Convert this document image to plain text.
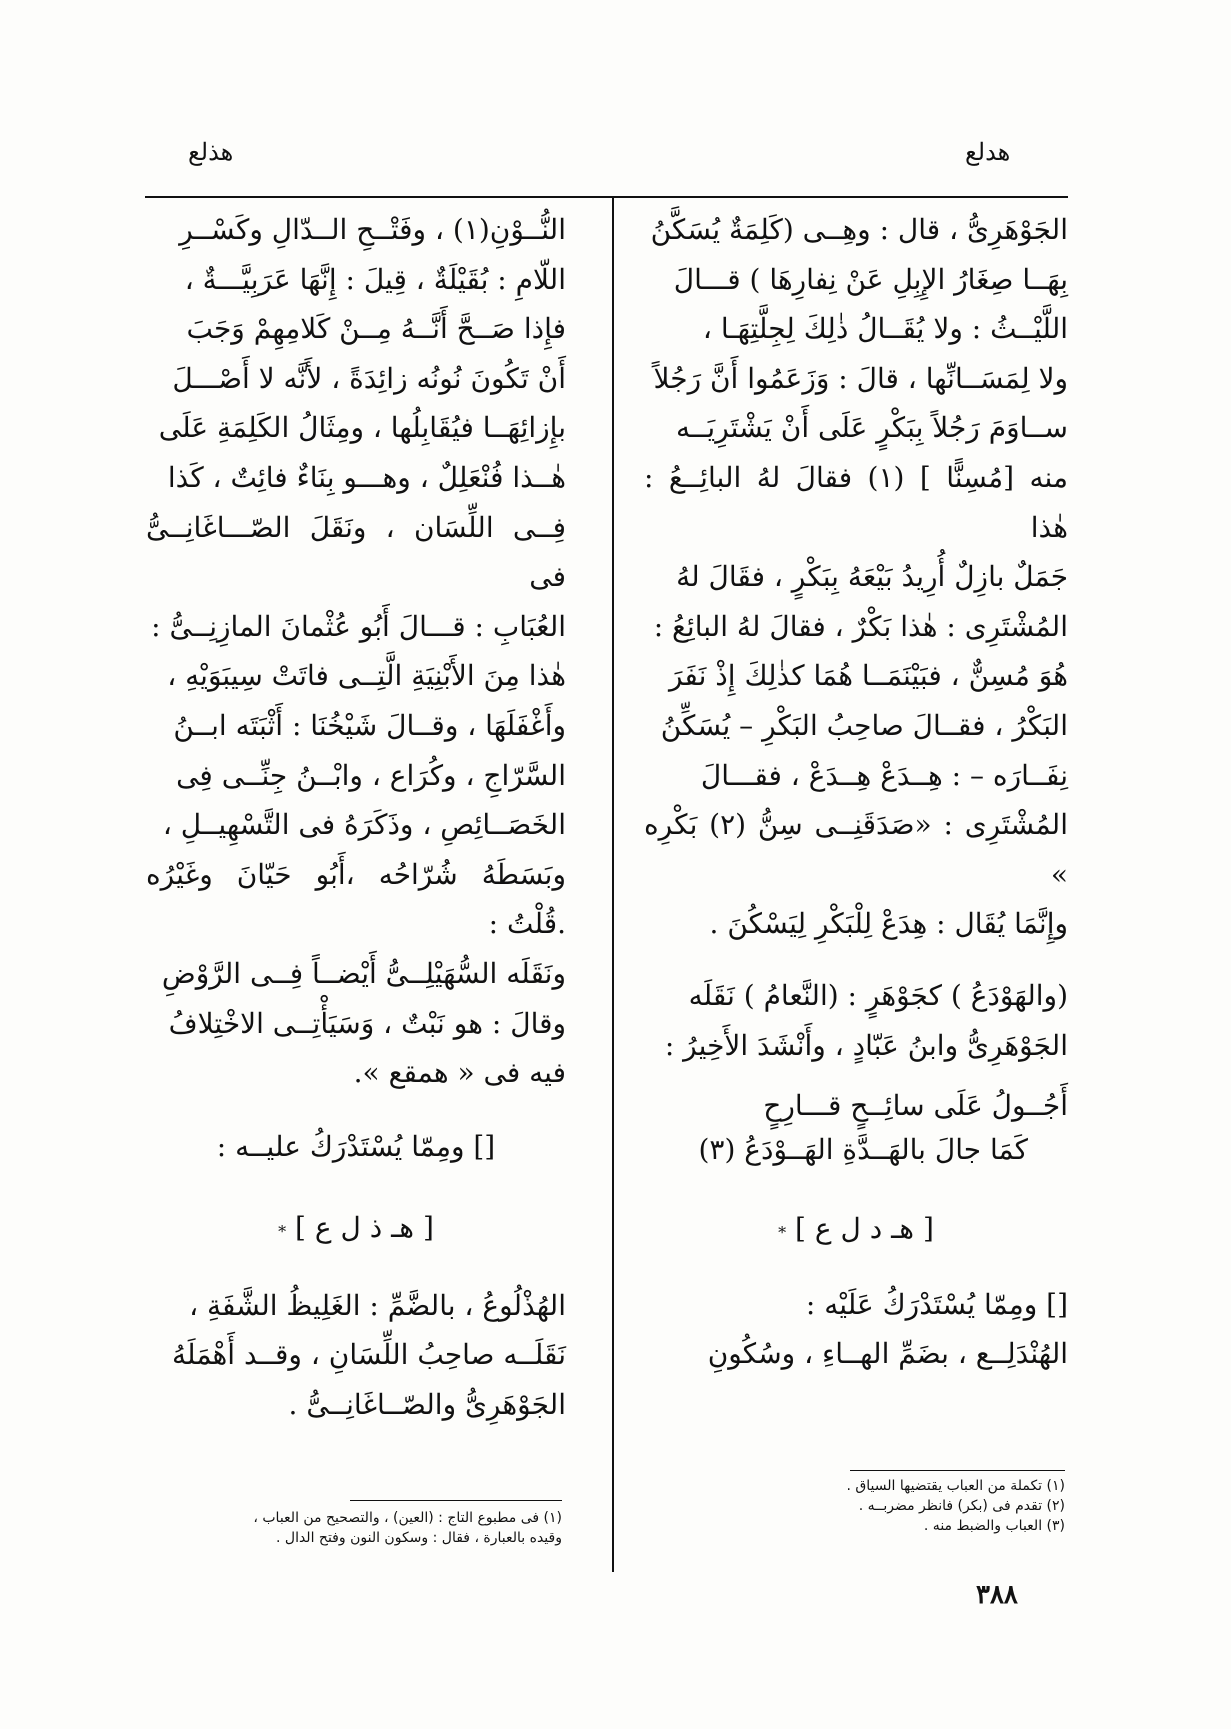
هدلع
هذلع

الجَوْهَرِىُّ ، قال : وهِــى (كَلِمَةٌ يُسَكَّنُ

بِهَــا صِغَارُ الإِبِلِ عَنْ نِفارِهَا ) قـــالَ

اللَّيْــثُ : ولا يُقَــالُ ذٰلِكَ لِجِلَّتِهَـا ،

ولا لِمَسَــانِّها ، قالَ : وَزَعَمُوا أَنَّ رَجُلاً

ســاوَمَ رَجُلاً بِبَكْرٍ عَلَى أَنْ يَشْتَرِيَــه

منه [مُسِنًّا ] (١) فقالَ لهُ البائِــعُ : هٰذا

جَمَلٌ بازِلٌ أُرِيدُ بَيْعَهُ بِبَكْرٍ ، فقَالَ لهُ

المُشْتَرِى : هٰذا بَكْرٌ ، فقالَ لهُ البائِعُ :

هُوَ مُسِنٌّ ، فبَيْنَمَــا هُمَا كذٰلِكَ إِذْ نَفَرَ

البَكْرُ ، فقــالَ صاحِبُ البَكْرِ – يُسَكِّنُ

نِفَــارَه – : هِــدَعْ هِــدَعْ ، فقـــالَ

المُشْتَرِى : «صَدَقَنِــى سِنُّ (٢) بَكْرِه »

وإِنَّمَا يُقَال : هِدَعْ لِلْبَكْرِ لِيَسْكُنَ .

(والهَوْدَعُ ) كجَوْهَرٍ : (النَّعامُ ) نَقَلَه

الجَوْهَرِىُّ وابنُ عَبّادٍ ، وأَنْشَدَ الأَخِيرُ :

أَجُــولُ عَلَى سائِــحٍ قـــارِحٍ
كَمَا جالَ بالهَــدَّةِ الهَــوْدَعُ (٣)

[ هـ د ل ع ] *

[] ومِمّا يُسْتَدْرَكُ عَلَيْه :

الهُنْدَلِــع ، بضَمِّ الهــاءِ ، وسُكُونِ

(١) تكملة من العباب يقتضيها السياق .
(٢) تقدم فى (بكر) فانظر مضربــه .
(٣) العباب والضبط منه .

النُّــوْنِ(١) ، وفَتْــحِ الــدّالِ وكَسْــرِ

اللّامِ : بُقَيْلَةٌ ، قِيلَ : إِنَّهَا عَرَبِيَّـــةٌ ،

فإِذا صَــحَّ أَنَّــهُ مِــنْ كَلامِهِمْ وَجَبَ

أَنْ تَكُونَ نُونُه زائِدَةً ، لأَنَّه لا أَصْـــلَ

بإِزائِهَــا فيُقَابِلُها ، ومِثَالُ الكَلِمَةِ عَلَى

هٰــذا فُنْعَلِلٌ ، وهـــو بِنَاءٌ فائِتٌ ، كَذا

فِــى اللِّسَان ، ونَقَلَ الصّـــاغَانِــىُّ فى

العُبَابِ : قـــالَ أَبُو عُثْمانَ المازِنِــىُّ :

هٰذا مِنَ الأَبْنِيَةِ الَّتِــى فاتَتْ سِيبَوَيْهِ ،

وأَغْفَلَهَا ، وقــالَ شَيْخُنَا : أَثْبَتَه ابــنُ

السَّرّاجِ ، وكُرَاع ، وابْــنُ جِنِّــى فِى

الخَصَــائِصِ ، وذَكَرَهُ فى التَّسْهِيــلِ ،

وبَسَطَهُ شُرّاحُه ،أَبُو حَيّانَ وغَيْرُه .قُلْتُ :

ونَقَلَه السُّهَيْلِــىُّ أَيْضــاً فِــى الرَّوْضِ

وقالَ : هو نَبْتٌ ، وَسَيَأْتِــى الاخْتِلافُ

فيه فى « همقع ».

[] ومِمّا يُسْتَدْرَكُ عليــه :

[ هـ ذ ل ع ] *

الهُذْلُوعُ ، بالضَّمِّ : الغَلِيظُ الشَّفَةِ ،

نَقَلَــه صاحِبُ اللِّسَانِ ، وقــد أَهْمَلَهُ

الجَوْهَرِىُّ والصّــاغَانِــىُّ .

(١) فى مطبوع التاج : (العين) ، والتصحيح من العباب ،
وقيده بالعبارة ، فقال : وسكون النون وفتح الدال .
٣٨٨
